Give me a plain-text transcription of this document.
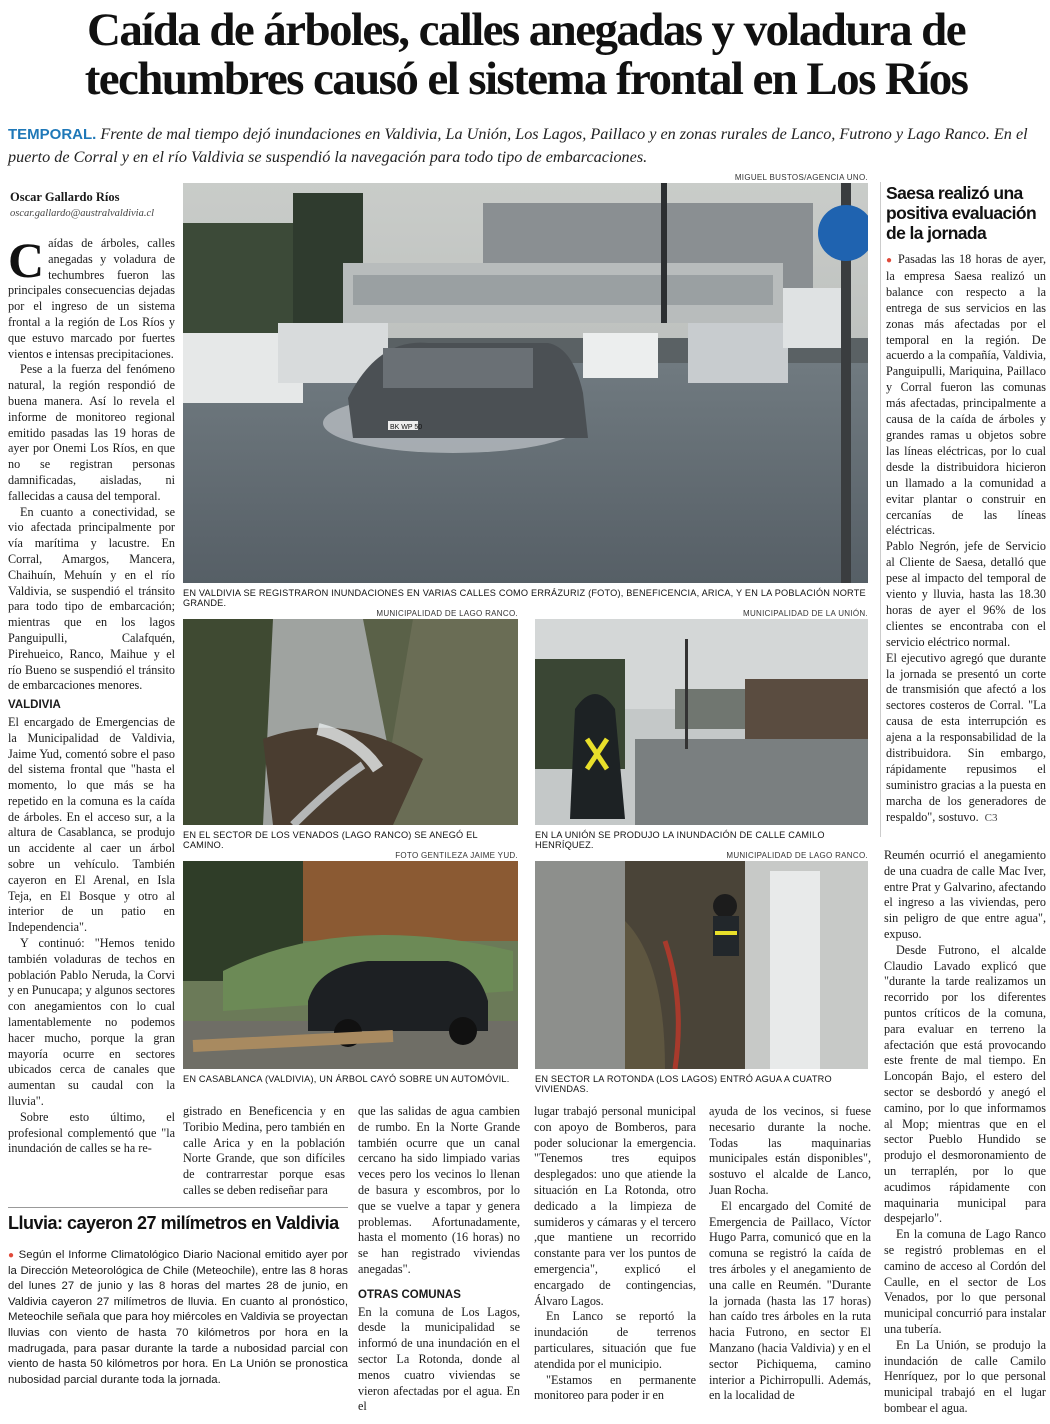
Caída de árboles, calles anegadas y voladura de techumbres causó el sistema frontal en Los Ríos
TEMPORAL. Frente de mal tiempo dejó inundaciones en Valdivia, La Unión, Los Lagos, Paillaco y en zonas rurales de Lanco, Futrono y Lago Ranco. En el puerto de Corral y en el río Valdivia se suspendió la navegación para todo tipo de embarcaciones.
Oscar Gallardo Ríos
oscar.gallardo@australvaldivia.cl

Caídas de árboles, calles anegadas y voladura de techumbres fueron las principales consecuencias dejadas por el ingreso de un sistema frontal a la región de Los Ríos y que estuvo marcado por fuertes vientos e intensas precipitaciones.

Pese a la fuerza del fenómeno natural, la región respondió de buena manera. Así lo revela el informe de monitoreo regional emitido pasadas las 19 horas de ayer por Onemi Los Ríos, en que no se registran personas damnificadas, aisladas, ni fallecidas a causa del temporal.

En cuanto a conectividad, se vio afectada principalmente por vía marítima y lacustre. En Corral, Amargos, Mancera, Chaihuín, Mehuín y en el río Valdivia, se suspendió el tránsito para todo tipo de embarcación; mientras que en los lagos Panguipulli, Calafquén, Pirehueico, Ranco, Maihue y el río Bueno se suspendió el tránsito de embarcaciones menores.

VALDIVIA

El encargado de Emergencias de la Municipalidad de Valdivia, Jaime Yud, comentó sobre el paso del sistema frontal que "hasta el momento, lo que más se ha repetido en la comuna es la caída de árboles. En el acceso sur, a la altura de Casablanca, se produjo un accidente al caer un árbol sobre un vehículo. También cayeron en El Arenal, en Isla Teja, en El Bosque y otro al interior de un patio en Independencia".

Y continuó: "Hemos tenido también voladuras de techos en población Pablo Neruda, la Corvi y en Punucapa; y algunos sectores con anegamientos con lo cual lamentablemente no podemos hacer mucho, porque la gran mayoría ocurre en sectores ubicados cerca de canales que aumentan su caudal con la lluvia".

Sobre esto último, el profesional complementó que "la inundación de calles se ha re-

BK WP 50
MIGUEL BUSTOS/AGENCIA UNO.
EN VALDIVIA SE REGISTRARON INUNDACIONES EN VARIAS CALLES COMO ERRÁZURIZ (FOTO), BENEFICENCIA, ARICA, Y EN LA POBLACIÓN NORTE GRANDE.
MUNICIPALIDAD DE LAGO RANCO.
EN EL SECTOR DE LOS VENADOS (LAGO RANCO) SE ANEGÓ EL CAMINO.
MUNICIPALIDAD DE LA UNIÓN.
EN LA UNIÓN SE PRODUJO LA INUNDACIÓN DE CALLE CAMILO HENRÍQUEZ.
FOTO GENTILEZA JAIME YUD.
EN CASABLANCA (VALDIVIA), UN ÁRBOL CAYÓ SOBRE UN AUTOMÓVIL.
MUNICIPALIDAD DE LAGO RANCO.
EN SECTOR LA ROTONDA (LOS LAGOS) ENTRÓ AGUA A CUATRO VIVIENDAS.
Saesa realizó una positiva evaluación de la jornada

● Pasadas las 18 horas de ayer, la empresa Saesa realizó un balance con respecto a la entrega de sus servicios en las zonas más afectadas por el temporal en la región. De acuerdo a la compañía, Valdivia, Panguipulli, Mariquina, Paillaco y Corral fueron las comunas más afectadas, principalmente a causa de la caída de árboles y grandes ramas u objetos sobre las líneas eléctricas, por lo cual desde la distribuidora hicieron un llamado a la comunidad a evitar plantar o construir en cercanías de las líneas eléctricas.

Pablo Negrón, jefe de Servicio al Cliente de Saesa, detalló que pese al impacto del temporal de viento y lluvia, hasta las 18.30 horas de ayer el 96% de los clientes se encontraba con el servicio eléctrico normal.

El ejecutivo agregó que durante la jornada se presentó un corte de transmisión que afectó a los sectores costeros de Corral. "La causa de esta interrupción es ajena a la responsabilidad de la distribuidora. Sin embargo, rápidamente repusimos el suministro gracias a la puesta en marcha de los generadores de respaldo", sostuvo. C3

gistrado en Beneficencia y en Toribio Medina, pero también en calle Arica y en la población Norte Grande, que son difíciles de contrarrestar porque esas calles se deben rediseñar para

que las salidas de agua cambien de rumbo. En la Norte Grande también ocurre que un canal cercano ha sido limpiado varias veces pero los vecinos lo llenan de basura y escombros, por lo que se vuelve a tapar y genera problemas. Afortunadamente, hasta el momento (16 horas) no se han registrado viviendas anegadas".

OTRAS COMUNAS

En la comuna de Los Lagos, desde la municipalidad se informó de una inundación en el sector La Rotonda, donde al menos cuatro viviendas se vieron afectadas por el agua. En el

lugar trabajó personal municipal con apoyo de Bomberos, para poder solucionar la emergencia. "Tenemos tres equipos desplegados: uno que atiende la situación en La Rotonda, otro dedicado a la limpieza de sumideros y cámaras y el tercero ,que mantiene un recorrido constante para ver los puntos de emergencia", explicó el encargado de contingencias, Álvaro Lagos.

En Lanco se reportó la inundación de terrenos particulares, situación que fue atendida por el municipio.

"Estamos en permanente monitoreo para poder ir en

ayuda de los vecinos, si fuese necesario durante la noche. Todas las maquinarias municipales están disponibles", sostuvo el alcalde de Lanco, Juan Rocha.

El encargado del Comité de Emergencia de Paillaco, Víctor Hugo Parra, comunicó que en la comuna se registró la caída de tres árboles y el anegamiento de una calle en Reumén. "Durante la jornada (hasta las 17 horas) han caído tres árboles en la ruta hacia Futrono, en sector El Manzano (hacia Valdivia) y en el sector Pichiquema, camino interior a Pichirropulli. Además, en la localidad de

Reumén ocurrió el anegamiento de una cuadra de calle Mac Iver, entre Prat y Galvarino, afectando el ingreso a las viviendas, pero sin peligro de que entre agua", expuso.

Desde Futrono, el alcalde Claudio Lavado explicó que "durante la tarde realizamos un recorrido por los diferentes puntos críticos de la comuna, para evaluar en terreno la afectación que está provocando este frente de mal tiempo. En Loncopán Bajo, el estero del sector se desbordó y anegó el camino, por lo que informamos al Mop; mientras que en el sector Pueblo Hundido se produjo el desmoronamiento de un terraplén, por lo que acudimos rápidamente con maquinaria municipal para despejarlo".

En la comuna de Lago Ranco se registró problemas en el camino de acceso al Cordón del Caulle, en el sector de Los Venados, por lo que personal municipal concurrió para instalar una tubería.

En La Unión, se produjo la inundación de calle Camilo Henríquez, por lo que personal municipal trabajó en el lugar bombear el agua.

Lluvia: cayeron 27 milímetros en Valdivia
● Según el Informe Climatológico Diario Nacional emitido ayer por la Dirección Meteorológica de Chile (Meteochile), entre las 8 horas del lunes 27 de junio y las 8 horas del martes 28 de junio, en Valdivia cayeron 27 milímetros de lluvia. En cuanto al pronóstico, Meteochile señala que para hoy miércoles en Valdivia se proyectan lluvias con viento de hasta 70 kilómetros por hora en la madrugada, para pasar durante la tarde a nubosidad parcial con viento de hasta 50 kilómetros por hora. En La Unión se pronostica nubosidad parcial durante toda la jornada.
